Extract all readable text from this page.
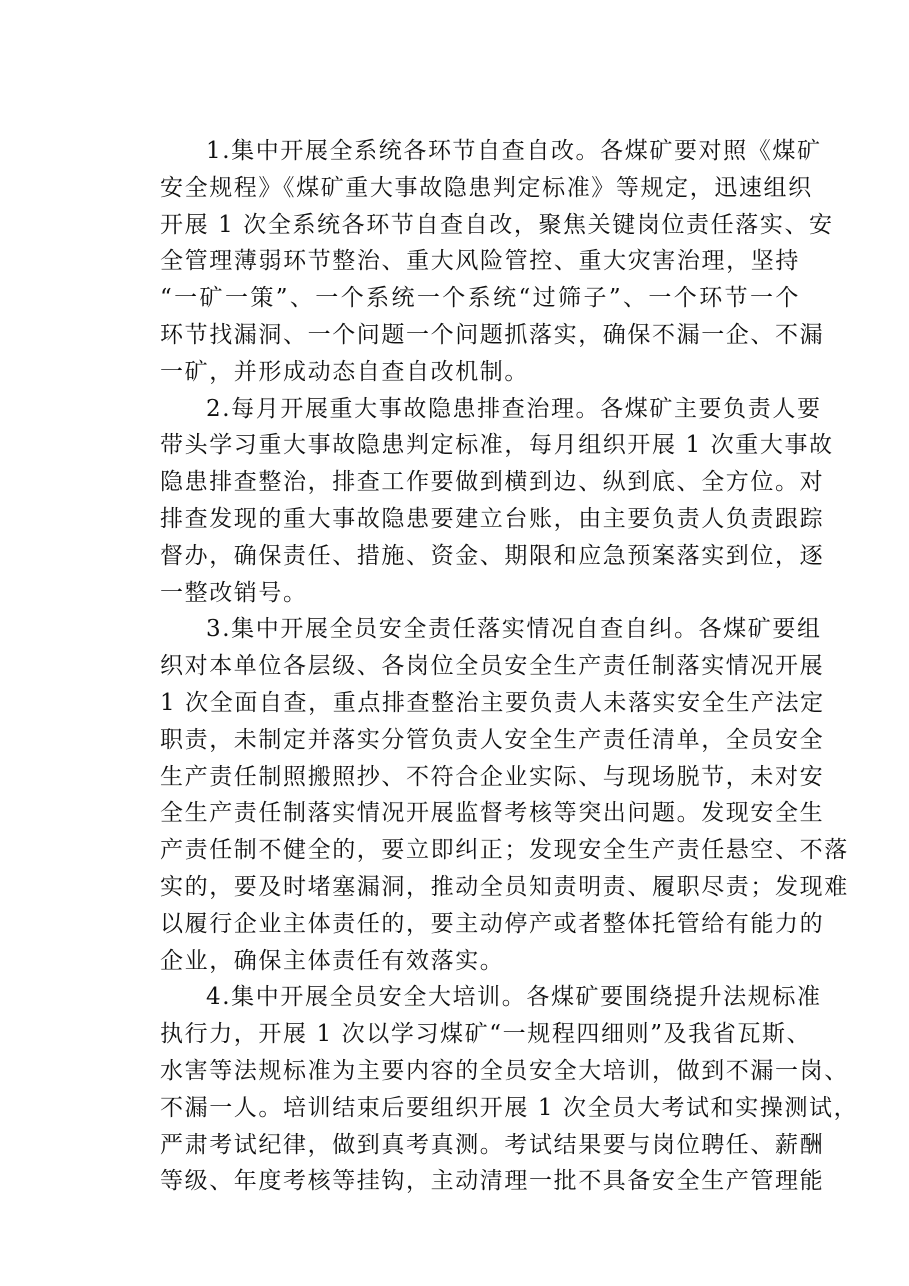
1.集中开展全系统各环节自查自改。各煤矿要对照《煤矿
安全规程》《煤矿重大事故隐患判定标准》等规定，迅速组织
开展 1 次全系统各环节自查自改，聚焦关键岗位责任落实、安
全管理薄弱环节整治、重大风险管控、重大灾害治理，坚持
“一矿一策”、一个系统一个系统“过筛子”、一个环节一个
环节找漏洞、一个问题一个问题抓落实，确保不漏一企、不漏
一矿，并形成动态自查自改机制。
2.每月开展重大事故隐患排查治理。各煤矿主要负责人要
带头学习重大事故隐患判定标准，每月组织开展 1 次重大事故
隐患排查整治，排查工作要做到横到边、纵到底、全方位。对
排查发现的重大事故隐患要建立台账，由主要负责人负责跟踪
督办，确保责任、措施、资金、期限和应急预案落实到位，逐
一整改销号。
3.集中开展全员安全责任落实情况自查自纠。各煤矿要组
织对本单位各层级、各岗位全员安全生产责任制落实情况开展
1 次全面自查，重点排查整治主要负责人未落实安全生产法定
职责，未制定并落实分管负责人安全生产责任清单，全员安全
生产责任制照搬照抄、不符合企业实际、与现场脱节，未对安
全生产责任制落实情况开展监督考核等突出问题。发现安全生
产责任制不健全的，要立即纠正；发现安全生产责任悬空、不落
实的，要及时堵塞漏洞，推动全员知责明责、履职尽责；发现难
以履行企业主体责任的，要主动停产或者整体托管给有能力的
企业，确保主体责任有效落实。
4.集中开展全员安全大培训。各煤矿要围绕提升法规标准
执行力，开展 1 次以学习煤矿“一规程四细则”及我省瓦斯、
水害等法规标准为主要内容的全员安全大培训，做到不漏一岗、
不漏一人。培训结束后要组织开展 1 次全员大考试和实操测试，
严肃考试纪律，做到真考真测。考试结果要与岗位聘任、薪酬
等级、年度考核等挂钩，主动清理一批不具备安全生产管理能
